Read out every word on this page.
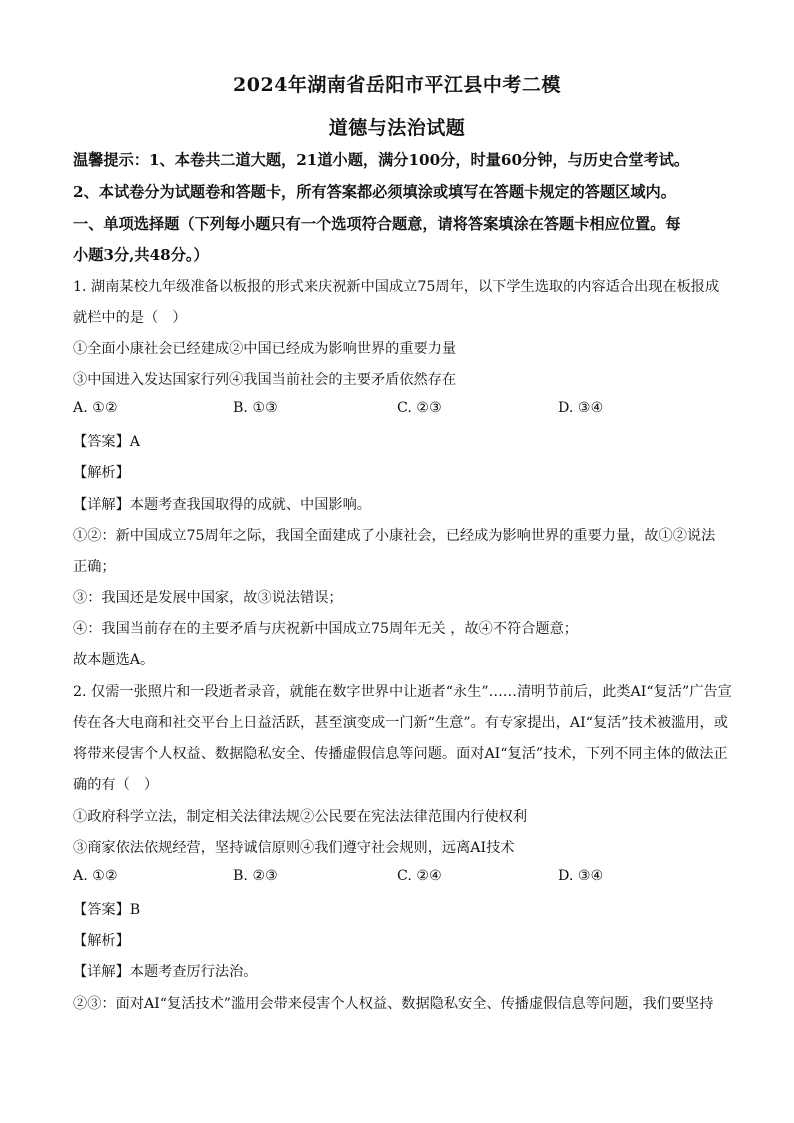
2024年湖南省岳阳市平江县中考二模
道德与法治试题
温馨提示：1、本卷共二道大题，21道小题，满分100分，时量60分钟，与历史合堂考试。
2、本试卷分为试题卷和答题卡，所有答案都必须填涂或填写在答题卡规定的答题区域内。
一、单项选择题（下列每小题只有一个选项符合题意，请将答案填涂在答题卡相应位置。每
小题3分,共48分。）
1. 湖南某校九年级准备以板报的形式来庆祝新中国成立75周年，以下学生选取的内容适合出现在板报成
就栏中的是（　）
①全面小康社会已经建成②中国已经成为影响世界的重要力量
③中国进入发达国家行列④我国当前社会的主要矛盾依然存在
A. ①②	B. ①③	C. ②③	D. ③④
【答案】A
【解析】
【详解】本题考查我国取得的成就、中国影响。
①②：新中国成立75周年之际，我国全面建成了小康社会，已经成为影响世界的重要力量，故①②说法
正确；
③：我国还是发展中国家，故③说法错误；
④：我国当前存在的主要矛盾与庆祝新中国成立75周年无关 ，故④不符合题意；
故本题选A。
2. 仅需一张照片和一段逝者录音，就能在数字世界中让逝者“永生”……清明节前后，此类AI“复活”广告宣
传在各大电商和社交平台上日益活跃，甚至演变成一门新“生意”。有专家提出，AI“复活”技术被滥用，或
将带来侵害个人权益、数据隐私安全、传播虚假信息等问题。面对AI“复活”技术，下列不同主体的做法正
确的有（　）
①政府科学立法，制定相关法律法规②公民要在宪法法律范围内行使权利
③商家依法依规经营，坚持诚信原则④我们遵守社会规则，远离AI技术
A. ①②	B. ②③	C. ②④	D. ③④
【答案】B
【解析】
【详解】本题考查厉行法治。
②③：面对AI“复活技术”滥用会带来侵害个人权益、数据隐私安全、传播虚假信息等问题，我们要坚持
